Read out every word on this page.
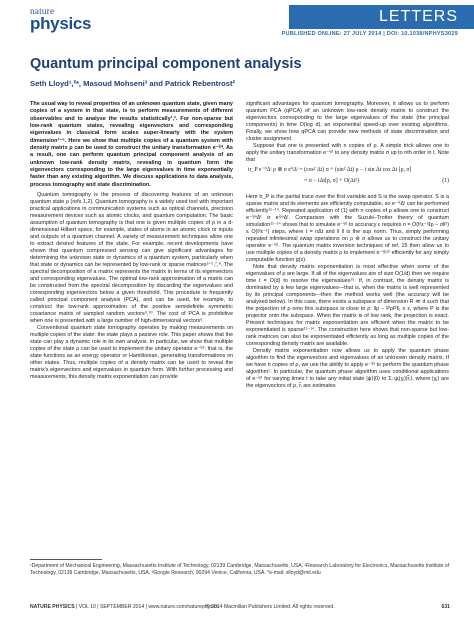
nature
physics	LETTERS
PUBLISHED ONLINE: 27 JULY 2014 | DOI: 10.1038/NPHYS3029
Quantum principal component analysis
Seth Lloyd¹,²*, Masoud Mohseni³ and Patrick Rebentrost²

The usual way to reveal properties of an unknown quantum state, given many copies of a system in that state, is to perform measurements of different observables and to analyse the results statistically¹,². For non-sparse but low-rank quantum states, revealing eigenvectors and corresponding eigenvalues in classical form scales super-linearly with the system dimension³⁻⁶. Here we show that multiple copies of a quantum system with density matrix ρ can be used to construct the unitary transformation e⁻ⁱᵖᵗ. As a result, one can perform quantum principal component analysis of an unknown low-rank density matrix, revealing in quantum form the eigenvectors corresponding to the large eigenvalues in time exponentially faster than any existing algorithm. We discuss applications to data analysis, process tomography and state discrimination.

Quantum tomography is the process of discovering features of an unknown quantum state ρ (refs 1,2). Quantum tomography is a widely used tool with important practical applications in communication systems such as optical channels, precision measurement devices such as atomic clocks, and quantum computation. The basic assumption of quantum tomography is that one is given multiple copies of ρ in a d-dimensional Hilbert space, for example, states of atoms in an atomic clock or inputs and outputs of a quantum channel. A variety of measurement techniques allow one to extract desired features of the state. For example, recent developments have shown that quantum compressed sensing can give significant advantages for determining the unknown state or dynamics of a quantum system, particularly when that state or dynamics can be represented by low-rank or sparse matrices³⁻⁵,⁷,⁸. The spectral decomposition of a matrix represents the matrix in terms of its eigenvectors and corresponding eigenvalues. The optimal low-rank approximation of a matrix can be constructed from the spectral decomposition by discarding the eigenvalues and corresponding eigenvectors below a given threshold. This procedure is frequently called principal component analysis (PCA), and can be used, for example, to construct the low-rank approximation of the positive semidefinite symmetric covariance matrix of sampled random vectors⁹,¹⁰. The cost of PCA is prohibitive when one is presented with a large number of high-dimensional vectors⁶.

Conventional quantum state tomography operates by making measurements on multiple copies of the state: the state plays a passive role. This paper shows that the state can play a dynamic role in its own analysis. In particular, we show that multiple copies of the state ρ can be used to implement the unitary operator e⁻ⁱᵖᵗ: that is, the state functions as an energy operator or Hamiltonian, generating transformations on other states. Thus, multiple copies of a density matrix can be used to reveal the matrix's eigenvectors and eigenvalues in quantum form. With further processing and measurements, this density matrix exponentiation can provide

significant advantages for quantum tomography. Moreover, it allows us to perform quantum PCA (qPCA) of an unknown low-rank density matrix to construct the eigenvectors corresponding to the large eigenvalues of the state (the principal components) in time O(log d), an exponential speed-up over existing algorithms. Finally, we show how qPCA can provide new methods of state discrimination and cluster assignment.

Suppose that one is presented with n copies of ρ. A simple trick allows one to apply the unitary transformation e⁻ⁱᵖᵗ to any density matrix σ up to nth order in t. Note that

tr_P e⁻ⁱˢΔᵗ ρ ⊗ σ eⁱˢΔᵗ = (cos² Δt) σ + (sin² Δt) ρ − i sin Δt cos Δt [ρ, σ]
= σ − iΔt[ρ, σ] + O(Δt²)	(1)

Here tr_P is the partial trace over the first variable and S is the swap operator. S is a sparse matrix and its elements are efficiently computable, so e⁻ⁱˢΔᵗ can be performed efficiently¹¹⁻¹⁴. Repeated application of (1) with n copies of ρ allows one to construct e⁻ⁱᵖⁿΔᵗ σ eⁱᵖⁿΔᵗ. Comparison with the Suzuki–Trotter theory of quantum simulation¹¹⁻¹⁴ shows that to simulate e⁻ⁱᵖᵗ to accuracy ε requires n = O(t²ε⁻¹‖ρ − σ‖²) ≤ O(t²ε⁻¹) steps, where t = nΔt and ‖ ‖ is the sup norm. Thus, simply performing repeated infinitesimal swap operations on ρ ⊗ σ allows us to construct the unitary operator e⁻ⁱᵖᵗ. The quantum matrix inversion techniques of ref. 15 then allow us to use multiple copies of a density matrix ρ to implement e⁻ⁱᵍ⁽ᵖ⁾ efficiently for any simply computable function g(x).

Note that density matrix exponentiation is most effective when some of the eigenvalues of ρ are large. If all of the eigenvalues are of size O(1/d) then we require time t = O(d) to resolve the eigenvalues¹⁵. If, in contrast, the density matrix is dominated by a few large eigenvalues—that is, when the matrix is well represented by its principal components—then the method works well (the accuracy will be analysed below). In this case, there exists a subspace of dimension R ≪ d such that the projection of ρ onto this subspace is close to ρ: ‖ρ − PρP‖₁ ≤ ε, where P is the projector onto the subspace. When the matrix is of low rank, the projection is exact. Present techniques for matrix exponentiation are efficient when the matrix to be exponentiated is sparse¹¹⁻¹⁴. The construction here shows that non-sparse but low-rank matrices can also be exponentiated efficiently as long as multiple copies of the corresponding density matrix are available.

Density matrix exponentiation now allows us to apply the quantum phase algorithm to find the eigenvectors and eigenvalues of an unknown density matrix. If we have n copies of ρ, we use the ability to apply e⁻ⁱᵖᵗ to perform the quantum phase algorithm¹. In particular, the quantum phase algorithm uses conditional applications of e⁻ⁱᵖᵗ for varying times t to take any initial state |ψ⟩|0⟩ to Σᵢ ψᵢ|χᵢ⟩|r̃ᵢ⟩, where |χᵢ⟩ are the eigenvectors of ρ, r̃ᵢ are estimates

¹Department of Mechanical Engineering, Massachusetts Institute of Technology, 02139 Cambridge, Massachusetts, USA, ²Research Laboratory for Electronics, Massachusetts Institute of Technology, 02139 Cambridge, Massachusetts, USA, ³Google Research, 90294 Venice, California, USA. *e-mail: slloyd@mit.edu
NATURE PHYSICS | VOL 10 | SEPTEMBER 2014 | www.nature.com/naturephysics
© 2014 Macmillan Publishers Limited. All rights reserved.	631
